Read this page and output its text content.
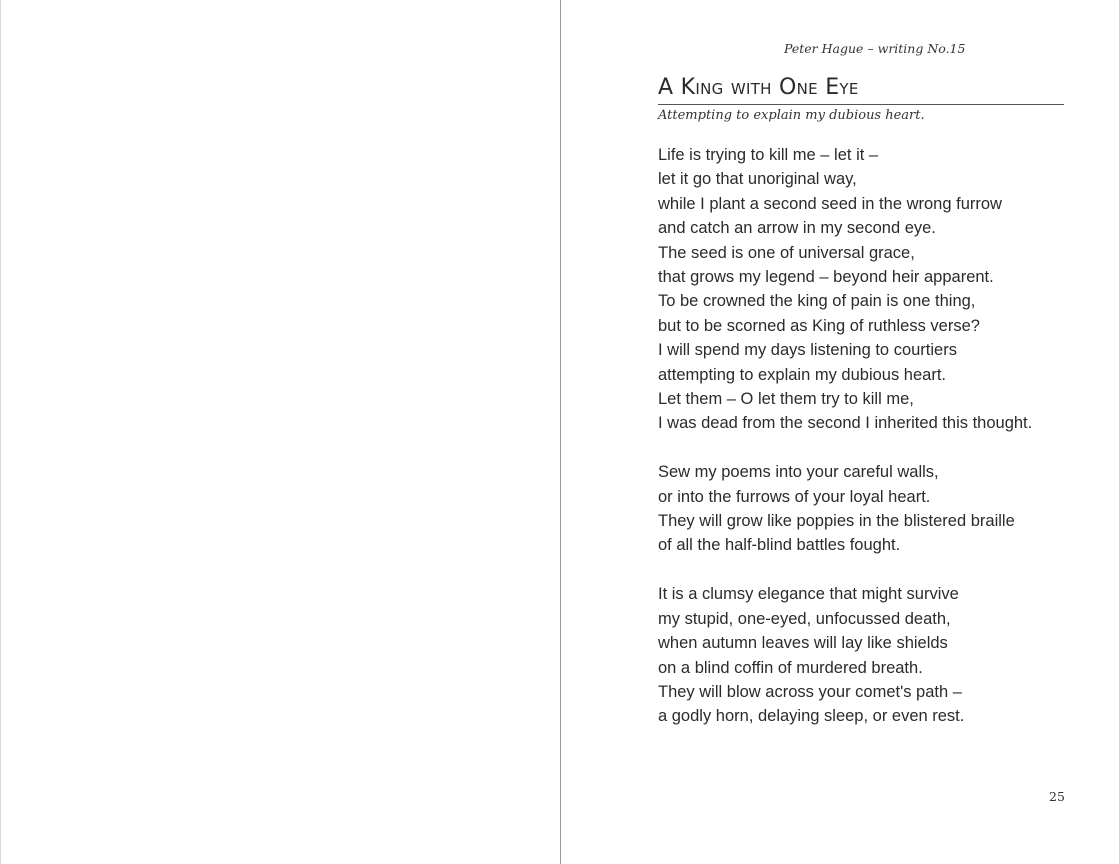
Peter Hague – writing No.15
A King with One Eye
Attempting to explain my dubious heart.
Life is trying to kill me – let it –
let it go that unoriginal way,
while I plant a second seed in the wrong furrow
and catch an arrow in my second eye.
The seed is one of universal grace,
that grows my legend – beyond heir apparent.
To be crowned the king of pain is one thing,
but to be scorned as King of ruthless verse?
I will spend my days listening to courtiers
attempting to explain my dubious heart.
Let them – O let them try to kill me,
I was dead from the second I inherited this thought.
Sew my poems into your careful walls,
or into the furrows of your loyal heart.
They will grow like poppies in the blistered braille
of all the half-blind battles fought.
It is a clumsy elegance that might survive
my stupid, one-eyed, unfocussed death,
when autumn leaves will lay like shields
on a blind coffin of murdered breath.
They will blow across your comet's path –
a godly horn, delaying sleep, or even rest.
25
